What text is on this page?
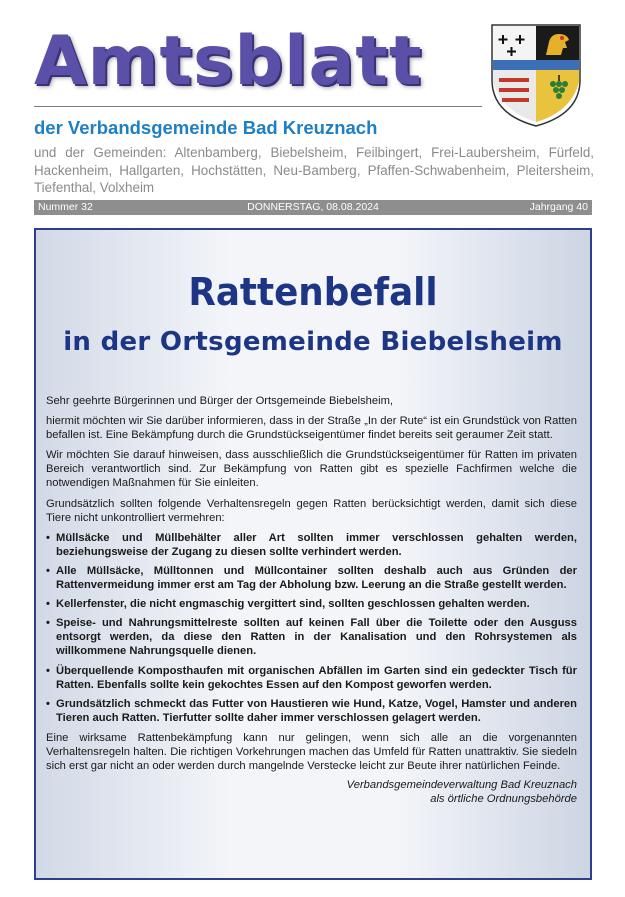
Amtsblatt
der Verbandsgemeinde Bad Kreuznach
und der Gemeinden: Altenbamberg, Biebelsheim, Feilbingert, Frei-Laubersheim, Fürfeld, Hackenheim, Hallgarten, Hochstätten, Neu-Bamberg, Pfaffen-Schwabenheim, Pleitersheim, Tiefenthal, Volxheim
Nummer 32	DONNERSTAG, 08.08.2024	Jahrgang 40
Rattenbefall
in der Ortsgemeinde Biebelsheim

Sehr geehrte Bürgerinnen und Bürger der Ortsgemeinde Biebelsheim,

hiermit möchten wir Sie darüber informieren, dass in der Straße „In der Rute“ ist ein Grundstück von Ratten befallen ist. Eine Bekämpfung durch die Grundstückseigentümer findet bereits seit geraumer Zeit statt.

Wir möchten Sie darauf hinweisen, dass ausschließlich die Grundstückseigentümer für Ratten im privaten Bereich verantwortlich sind. Zur Bekämpfung von Ratten gibt es spezielle Fachfirmen welche die notwendigen Maßnahmen für Sie einleiten.

Grundsätzlich sollten folgende Verhaltensregeln gegen Ratten berücksichtigt werden, damit sich diese Tiere nicht unkontrolliert vermehren:

• Müllsäcke und Müllbehälter aller Art sollten immer verschlossen gehalten werden, beziehungsweise der Zugang zu diesen sollte verhindert werden.
• Alle Müllsäcke, Mülltonnen und Müllcontainer sollten deshalb auch aus Gründen der Rattenvermeidung immer erst am Tag der Abholung bzw. Leerung an die Straße gestellt werden.
• Kellerfenster, die nicht engmaschig vergittert sind, sollten geschlossen gehalten werden.
• Speise- und Nahrungsmittelreste sollten auf keinen Fall über die Toilette oder den Ausguss entsorgt werden, da diese den Ratten in der Kanalisation und den Rohrsystemen als willkommene Nahrungsquelle dienen.
• Überquellende Komposthaufen mit organischen Abfällen im Garten sind ein gedeckter Tisch für Ratten. Ebenfalls sollte kein gekochtes Essen auf den Kompost geworfen werden.
• Grundsätzlich schmeckt das Futter von Haustieren wie Hund, Katze, Vogel, Hamster und anderen Tieren auch Ratten. Tierfutter sollte daher immer verschlossen gelagert werden.

Eine wirksame Rattenbekämpfung kann nur gelingen, wenn sich alle an die vorgenannten Verhaltensregeln halten. Die richtigen Vorkehrungen machen das Umfeld für Ratten unattraktiv. Sie siedeln sich erst gar nicht an oder werden durch mangelnde Verstecke leicht zur Beute ihrer natürlichen Feinde.

Verbandsgemeindeverwaltung Bad Kreuznach
als örtliche Ordnungsbehörde
